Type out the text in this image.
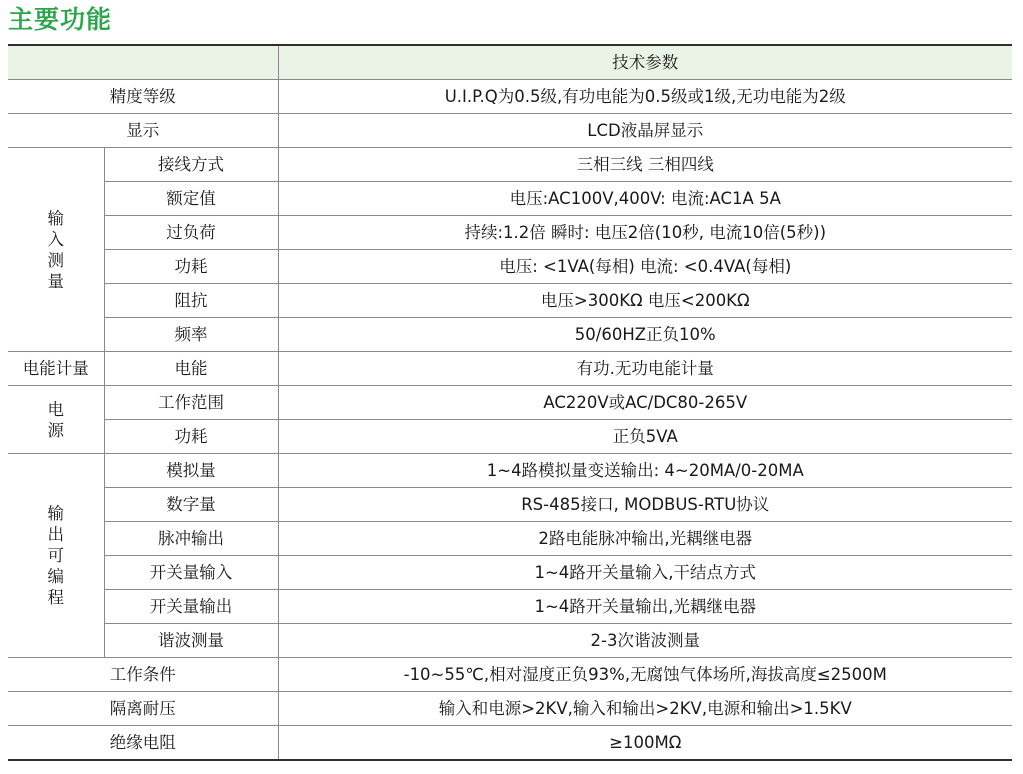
主要功能
		技术参数
精度等级		U.I.P.Q为0.5级,有功电能为0.5级或1级,无功电能为2级
显示		LCD液晶屏显示
输入测量	接线方式	三相三线 三相四线
	额定值	电压:AC100V,400V: 电流:AC1A 5A
	过负荷	持续:1.2倍 瞬时: 电压2倍(10秒, 电流10倍(5秒))
	功耗	电压: <1VA(每相) 电流: <0.4VA(每相)
	阻抗	电压>300KΩ 电压<200KΩ
	频率	50/60HZ正负10%
电能计量	电能	有功.无功电能计量
电源	工作范围	AC220V或AC/DC80-265V
	功耗	正负5VA
输出可编程	模拟量	1~4路模拟量变送输出: 4~20MA/0-20MA
	数字量	RS-485接口, MODBUS-RTU协议
	脉冲输出	2路电能脉冲输出,光耦继电器
	开关量输入	1~4路开关量输入,干结点方式
	开关量输出	1~4路开关量输出,光耦继电器
	谐波测量	2-3次谐波测量
工作条件		-10~55℃,相对湿度正负93%,无腐蚀气体场所,海拔高度≤2500M
隔离耐压		输入和电源>2KV,输入和输出>2KV,电源和输出>1.5KV
绝缘电阻		≥100MΩ
